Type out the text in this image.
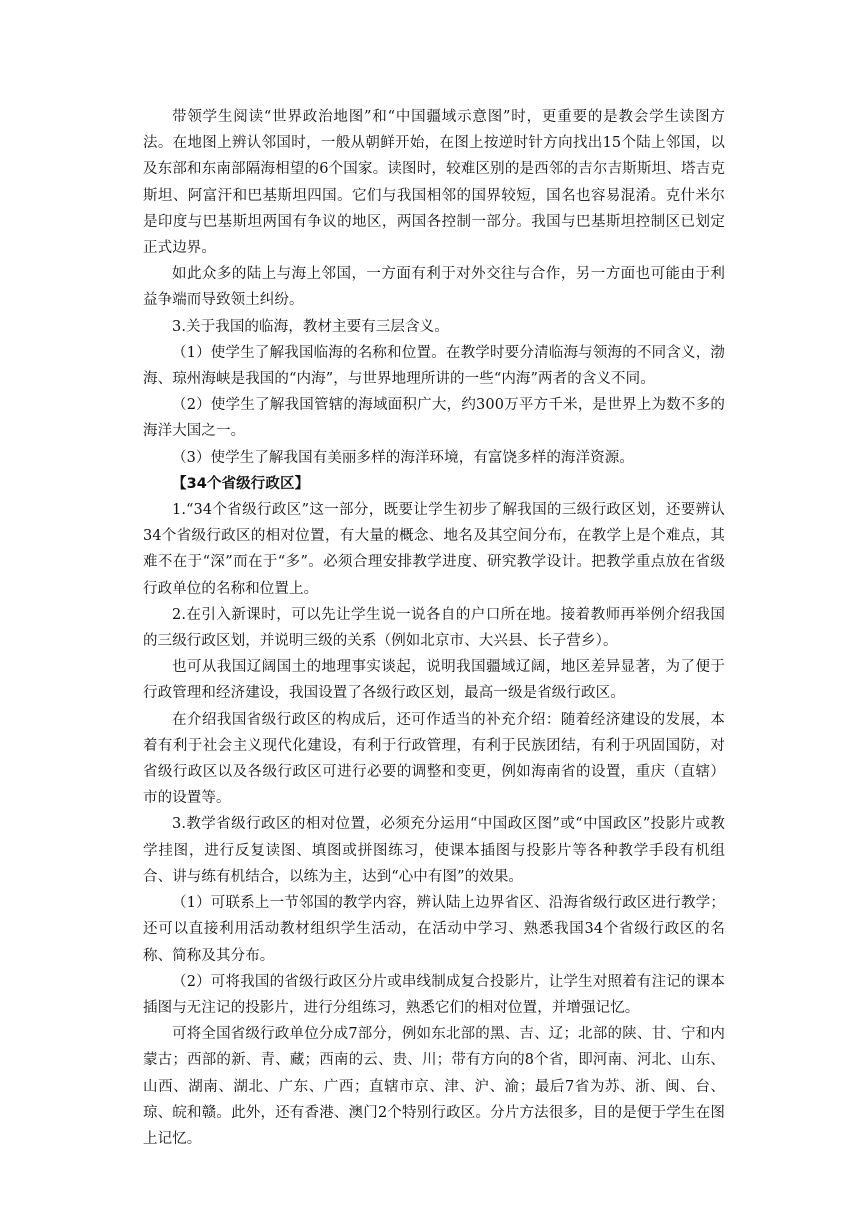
带领学生阅读“世界政治地图”和“中国疆域示意图”时，更重要的是教会学生读图方法。在地图上辨认邻国时，一般从朝鲜开始，在图上按逆时针方向找出15个陆上邻国，以及东部和东南部隔海相望的6个国家。读图时，较难区别的是西邻的吉尔吉斯斯坦、塔吉克斯坦、阿富汗和巴基斯坦四国。它们与我国相邻的国界较短，国名也容易混淆。克什米尔是印度与巴基斯坦两国有争议的地区，两国各控制一部分。我国与巴基斯坦控制区已划定正式边界。

如此众多的陆上与海上邻国，一方面有利于对外交往与合作，另一方面也可能由于利益争端而导致领土纠纷。

3.关于我国的临海，教材主要有三层含义。

（1）使学生了解我国临海的名称和位置。在教学时要分清临海与领海的不同含义，渤海、琼州海峡是我国的“内海”，与世界地理所讲的一些“内海”两者的含义不同。

（2）使学生了解我国管辖的海域面积广大，约300万平方千米，是世界上为数不多的海洋大国之一。

（3）使学生了解我国有美丽多样的海洋环境，有富饶多样的海洋资源。

【34个省级行政区】

1.“34个省级行政区”这一部分，既要让学生初步了解我国的三级行政区划，还要辨认34个省级行政区的相对位置，有大量的概念、地名及其空间分布，在教学上是个难点，其难不在于“深”而在于“多”。必须合理安排教学进度、研究教学设计。把教学重点放在省级行政单位的名称和位置上。

2.在引入新课时，可以先让学生说一说各自的户口所在地。接着教师再举例介绍我国的三级行政区划，并说明三级的关系（例如北京市、大兴县、长子营乡）。

也可从我国辽阔国土的地理事实谈起，说明我国疆域辽阔，地区差异显著，为了便于行政管理和经济建设，我国设置了各级行政区划，最高一级是省级行政区。

在介绍我国省级行政区的构成后，还可作适当的补充介绍：随着经济建设的发展，本着有利于社会主义现代化建设，有利于行政管理，有利于民族团结，有利于巩固国防，对省级行政区以及各级行政区可进行必要的调整和变更，例如海南省的设置，重庆（直辖）市的设置等。

3.教学省级行政区的相对位置，必须充分运用“中国政区图”或“中国政区”投影片或教学挂图，进行反复读图、填图或拼图练习，使课本插图与投影片等各种教学手段有机组合、讲与练有机结合，以练为主，达到“心中有图”的效果。

（1）可联系上一节邻国的教学内容，辨认陆上边界省区、沿海省级行政区进行教学；还可以直接利用活动教材组织学生活动，在活动中学习、熟悉我国34个省级行政区的名称、简称及其分布。

（2）可将我国的省级行政区分片或串线制成复合投影片，让学生对照着有注记的课本插图与无注记的投影片，进行分组练习，熟悉它们的相对位置，并增强记忆。

可将全国省级行政单位分成7部分，例如东北部的黑、吉、辽；北部的陕、甘、宁和内蒙古；西部的新、青、藏；西南的云、贵、川；带有方向的8个省，即河南、河北、山东、山西、湖南、湖北、广东、广西；直辖市京、津、沪、渝；最后7省为苏、浙、闽、台、琼、皖和赣。此外，还有香港、澳门2个特别行政区。分片方法很多，目的是便于学生在图上记忆。
